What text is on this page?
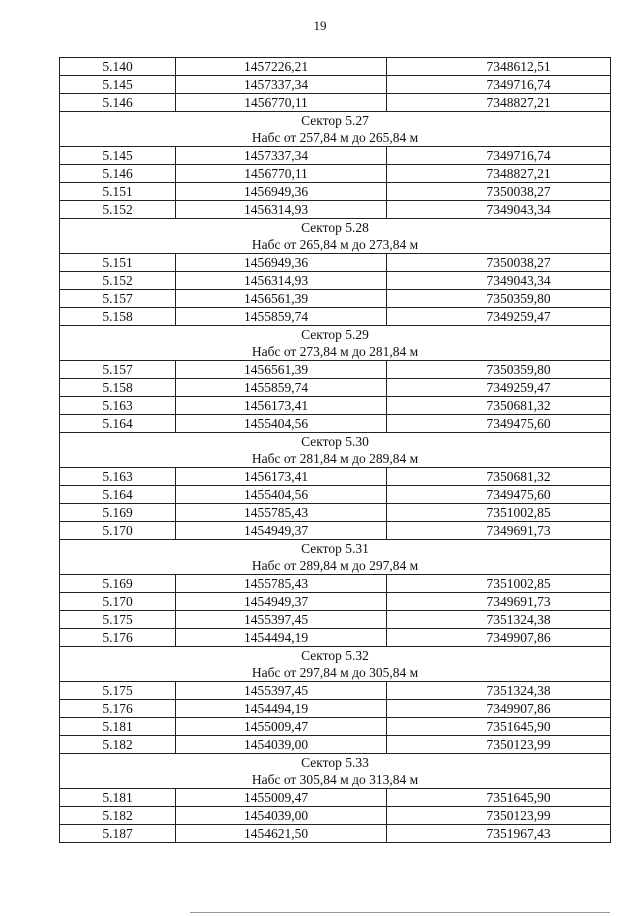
19
5.140	1457226,21	7348612,51
5.145	1457337,34	7349716,74
5.146	1456770,11	7348827,21

Сектор 5.27
Набс от 257,84 м до 265,84 м		

5.145	1457337,34	7349716,74
5.146	1456770,11	7348827,21
5.151	1456949,36	7350038,27
5.152	1456314,93	7349043,34

Сектор 5.28
Набс от 265,84 м до 273,84 м		

5.151	1456949,36	7350038,27
5.152	1456314,93	7349043,34
5.157	1456561,39	7350359,80
5.158	1455859,74	7349259,47

Сектор 5.29
Набс от 273,84 м до 281,84 м		

5.157	1456561,39	7350359,80
5.158	1455859,74	7349259,47
5.163	1456173,41	7350681,32
5.164	1455404,56	7349475,60

Сектор 5.30
Набс от 281,84 м до 289,84 м		

5.163	1456173,41	7350681,32
5.164	1455404,56	7349475,60
5.169	1455785,43	7351002,85
5.170	1454949,37	7349691,73

Сектор 5.31
Набс от 289,84 м до 297,84 м		

5.169	1455785,43	7351002,85
5.170	1454949,37	7349691,73
5.175	1455397,45	7351324,38
5.176	1454494,19	7349907,86

Сектор 5.32
Набс от 297,84 м до 305,84 м		

5.175	1455397,45	7351324,38
5.176	1454494,19	7349907,86
5.181	1455009,47	7351645,90
5.182	1454039,00	7350123,99

Сектор 5.33
Набс от 305,84 м до 313,84 м		

5.181	1455009,47	7351645,90
5.182	1454039,00	7350123,99
5.187	1454621,50	7351967,43
